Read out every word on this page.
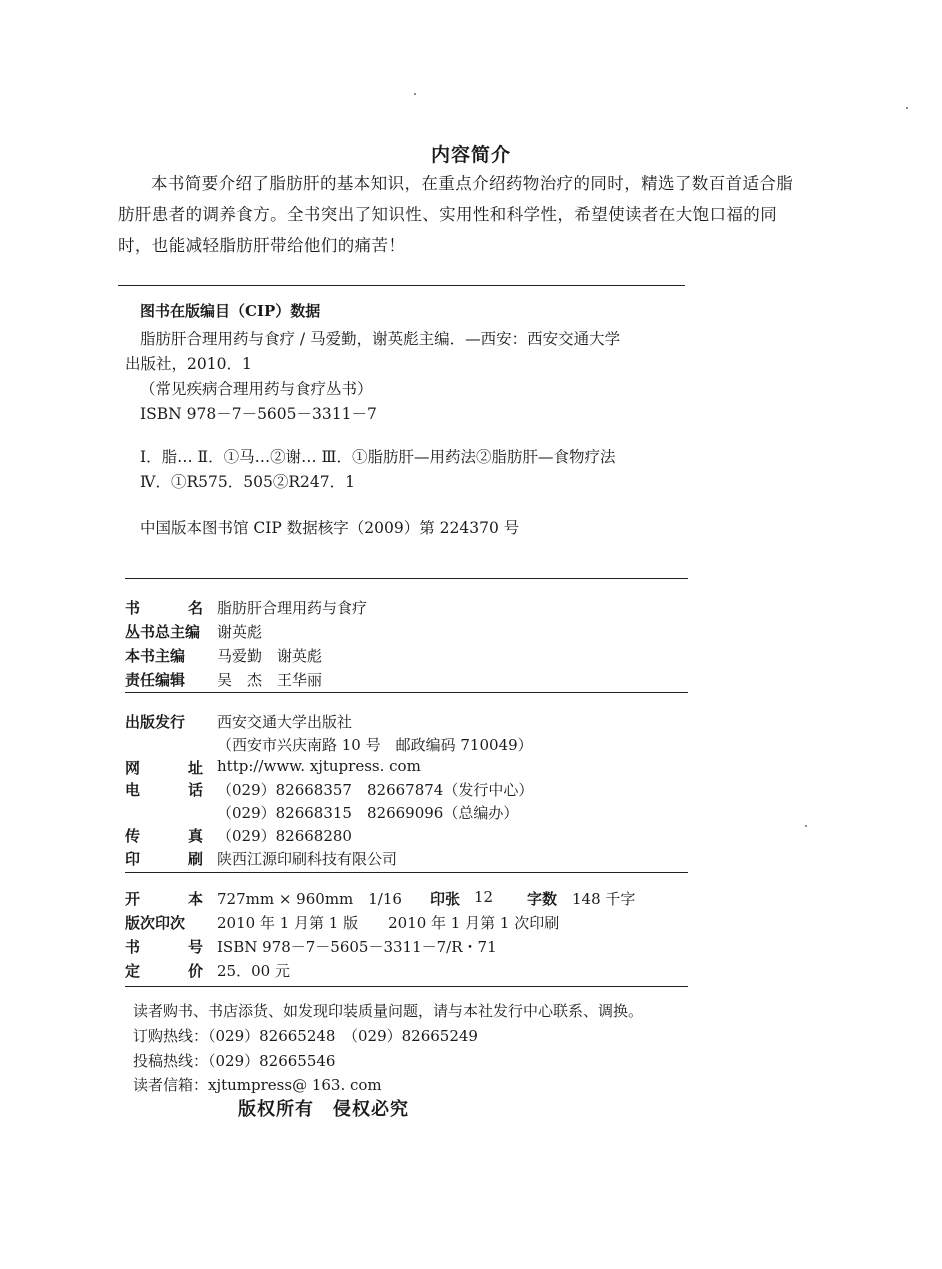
内容简介
本书简要介绍了脂肪肝的基本知识，在重点介绍药物治疗的同时，精选了数百首适合脂肪肝患者的调养食方。全书突出了知识性、实用性和科学性，希望使读者在大饱口福的同时，也能减轻脂肪肝带给他们的痛苦！
图书在版编目（CIP）数据
脂肪肝合理用药与食疗 / 马爱勤，谢英彪主编．—西安：西安交通大学
出版社，2010．1
（常见疾病合理用药与食疗丛书）
ISBN 978－7－5605－3311－7
Ⅰ．脂… Ⅱ．①马…②谢… Ⅲ．①脂肪肝—用药法②脂肪肝—食物疗法
Ⅳ．①R575．505②R247．1
中国版本图书馆 CIP 数据核字（2009）第 224370 号
书	名 脂肪肝合理用药与食疗
丛书总主编 谢英彪
本书主编	马爱勤　谢英彪
责任编辑	吴　杰　王华丽
出版发行	西安交通大学出版社
（西安市兴庆南路 10 号　邮政编码 710049）
网	址 http://www. xjtupress. com
电	话 （029）82668357　82667874（发行中心）
（029）82668315　82669096（总编办）
传	真 （029）82668280
印	刷 陕西江源印刷科技有限公司
开	本 727mm × 960mm　1/16 印张 12 字数 148 千字
版次印次	2010 年 1 月第 1 版　　2010 年 1 月第 1 次印刷
书	号 ISBN 978－7－5605－3311－7/R・71
定	价 25．00 元
读者购书、书店添货、如发现印装质量问题，请与本社发行中心联系、调换。
订购热线：（029）82665248　（029）82665249
投稿热线：（029）82665546
读者信箱：xjtumpress@ 163. com
版权所有　侵权必究
